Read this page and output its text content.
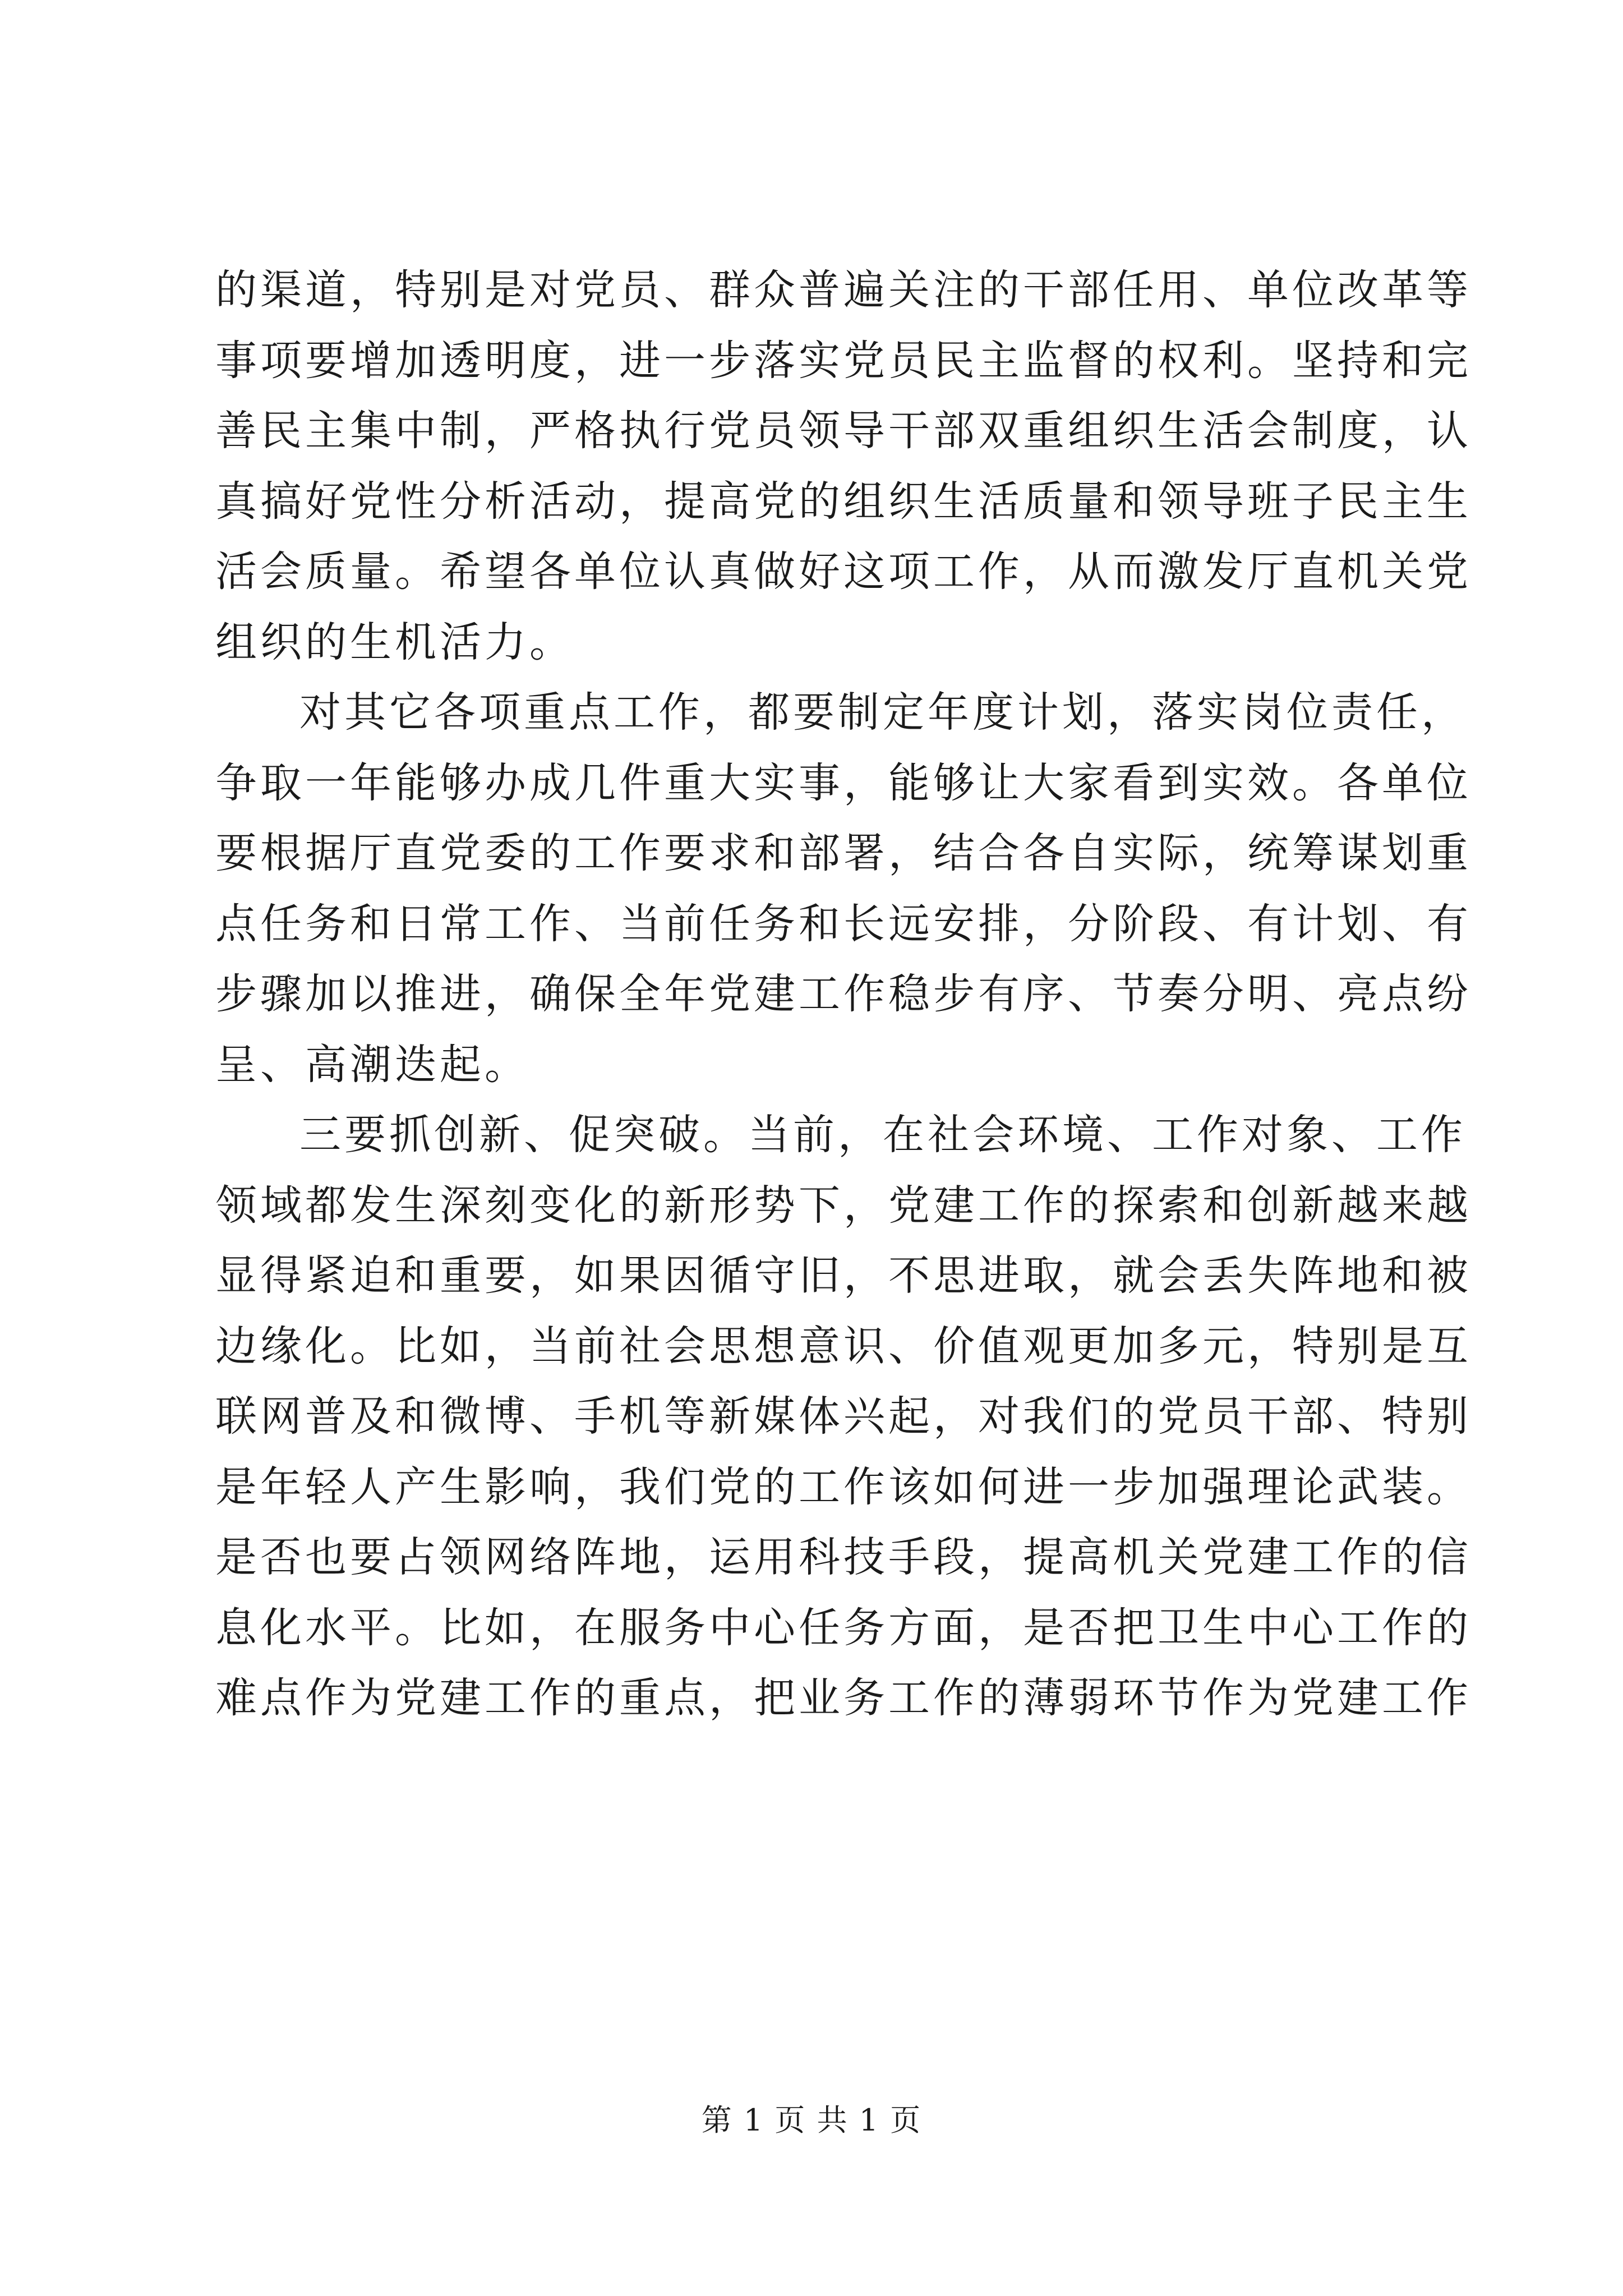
的渠道，特别是对党员、群众普遍关注的干部任用、单位改革等
事项要增加透明度，进一步落实党员民主监督的权利。坚持和完
善民主集中制，严格执行党员领导干部双重组织生活会制度，认
真搞好党性分析活动，提高党的组织生活质量和领导班子民主生
活会质量。希望各单位认真做好这项工作，从而激发厅直机关党
组织的生机活力。
对其它各项重点工作，都要制定年度计划，落实岗位责任，
争取一年能够办成几件重大实事，能够让大家看到实效。各单位
要根据厅直党委的工作要求和部署，结合各自实际，统筹谋划重
点任务和日常工作、当前任务和长远安排，分阶段、有计划、有
步骤加以推进，确保全年党建工作稳步有序、节奏分明、亮点纷
呈、高潮迭起。
三要抓创新、促突破。当前，在社会环境、工作对象、工作
领域都发生深刻变化的新形势下，党建工作的探索和创新越来越
显得紧迫和重要，如果因循守旧，不思进取，就会丢失阵地和被
边缘化。比如，当前社会思想意识、价值观更加多元，特别是互
联网普及和微博、手机等新媒体兴起，对我们的党员干部、特别
是年轻人产生影响，我们党的工作该如何进一步加强理论武装。
是否也要占领网络阵地，运用科技手段，提高机关党建工作的信
息化水平。比如，在服务中心任务方面，是否把卫生中心工作的
难点作为党建工作的重点，把业务工作的薄弱环节作为党建工作
第 1 页 共 1 页
